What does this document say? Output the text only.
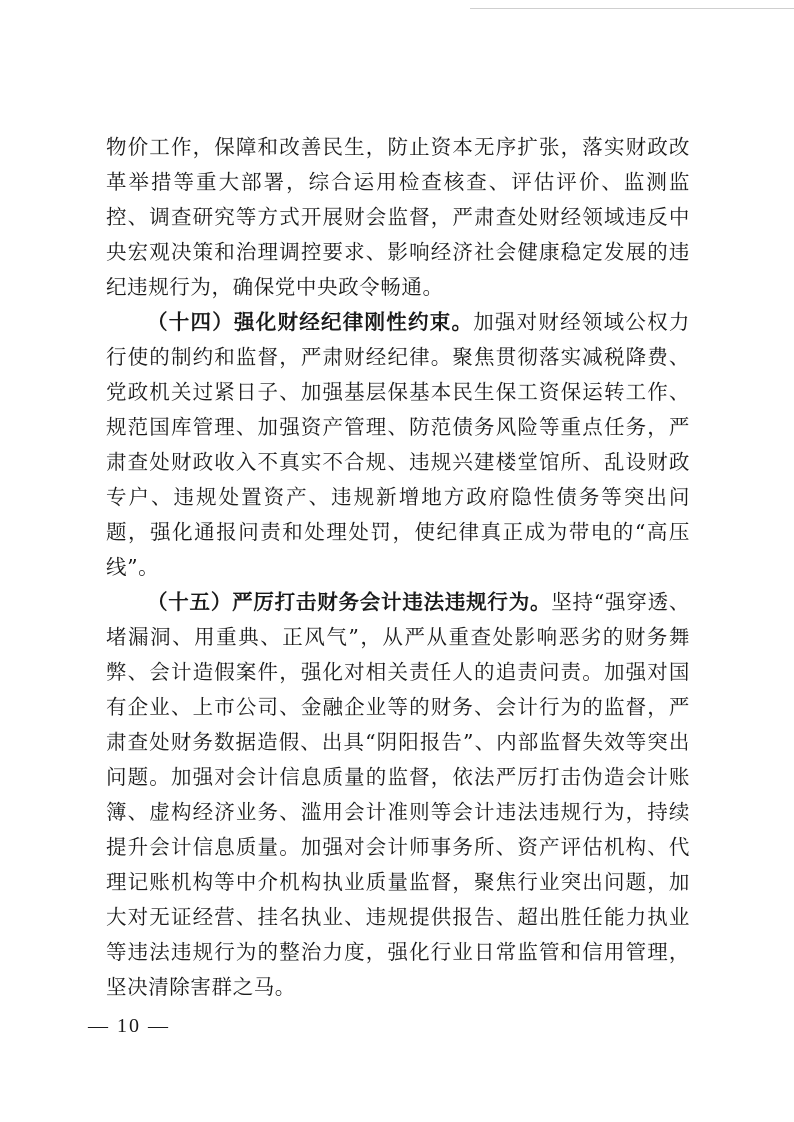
物价工作，保障和改善民生，防止资本无序扩张，落实财政改革举措等重大部署，综合运用检查核查、评估评价、监测监控、调查研究等方式开展财会监督，严肃查处财经领域违反中央宏观决策和治理调控要求、影响经济社会健康稳定发展的违纪违规行为，确保党中央政令畅通。

（十四）强化财经纪律刚性约束。加强对财经领域公权力行使的制约和监督，严肃财经纪律。聚焦贯彻落实减税降费、党政机关过紧日子、加强基层保基本民生保工资保运转工作、规范国库管理、加强资产管理、防范债务风险等重点任务，严肃查处财政收入不真实不合规、违规兴建楼堂馆所、乱设财政专户、违规处置资产、违规新增地方政府隐性债务等突出问题，强化通报问责和处理处罚，使纪律真正成为带电的“高压线”。

（十五）严厉打击财务会计违法违规行为。坚持“强穿透、堵漏洞、用重典、正风气”，从严从重查处影响恶劣的财务舞弊、会计造假案件，强化对相关责任人的追责问责。加强对国有企业、上市公司、金融企业等的财务、会计行为的监督，严肃查处财务数据造假、出具“阴阳报告”、内部监督失效等突出问题。加强对会计信息质量的监督，依法严厉打击伪造会计账簿、虚构经济业务、滥用会计准则等会计违法违规行为，持续提升会计信息质量。加强对会计师事务所、资产评估机构、代理记账机构等中介机构执业质量监督，聚焦行业突出问题，加大对无证经营、挂名执业、违规提供报告、超出胜任能力执业等违法违规行为的整治力度，强化行业日常监管和信用管理，坚决清除害群之马。

— 10 —
